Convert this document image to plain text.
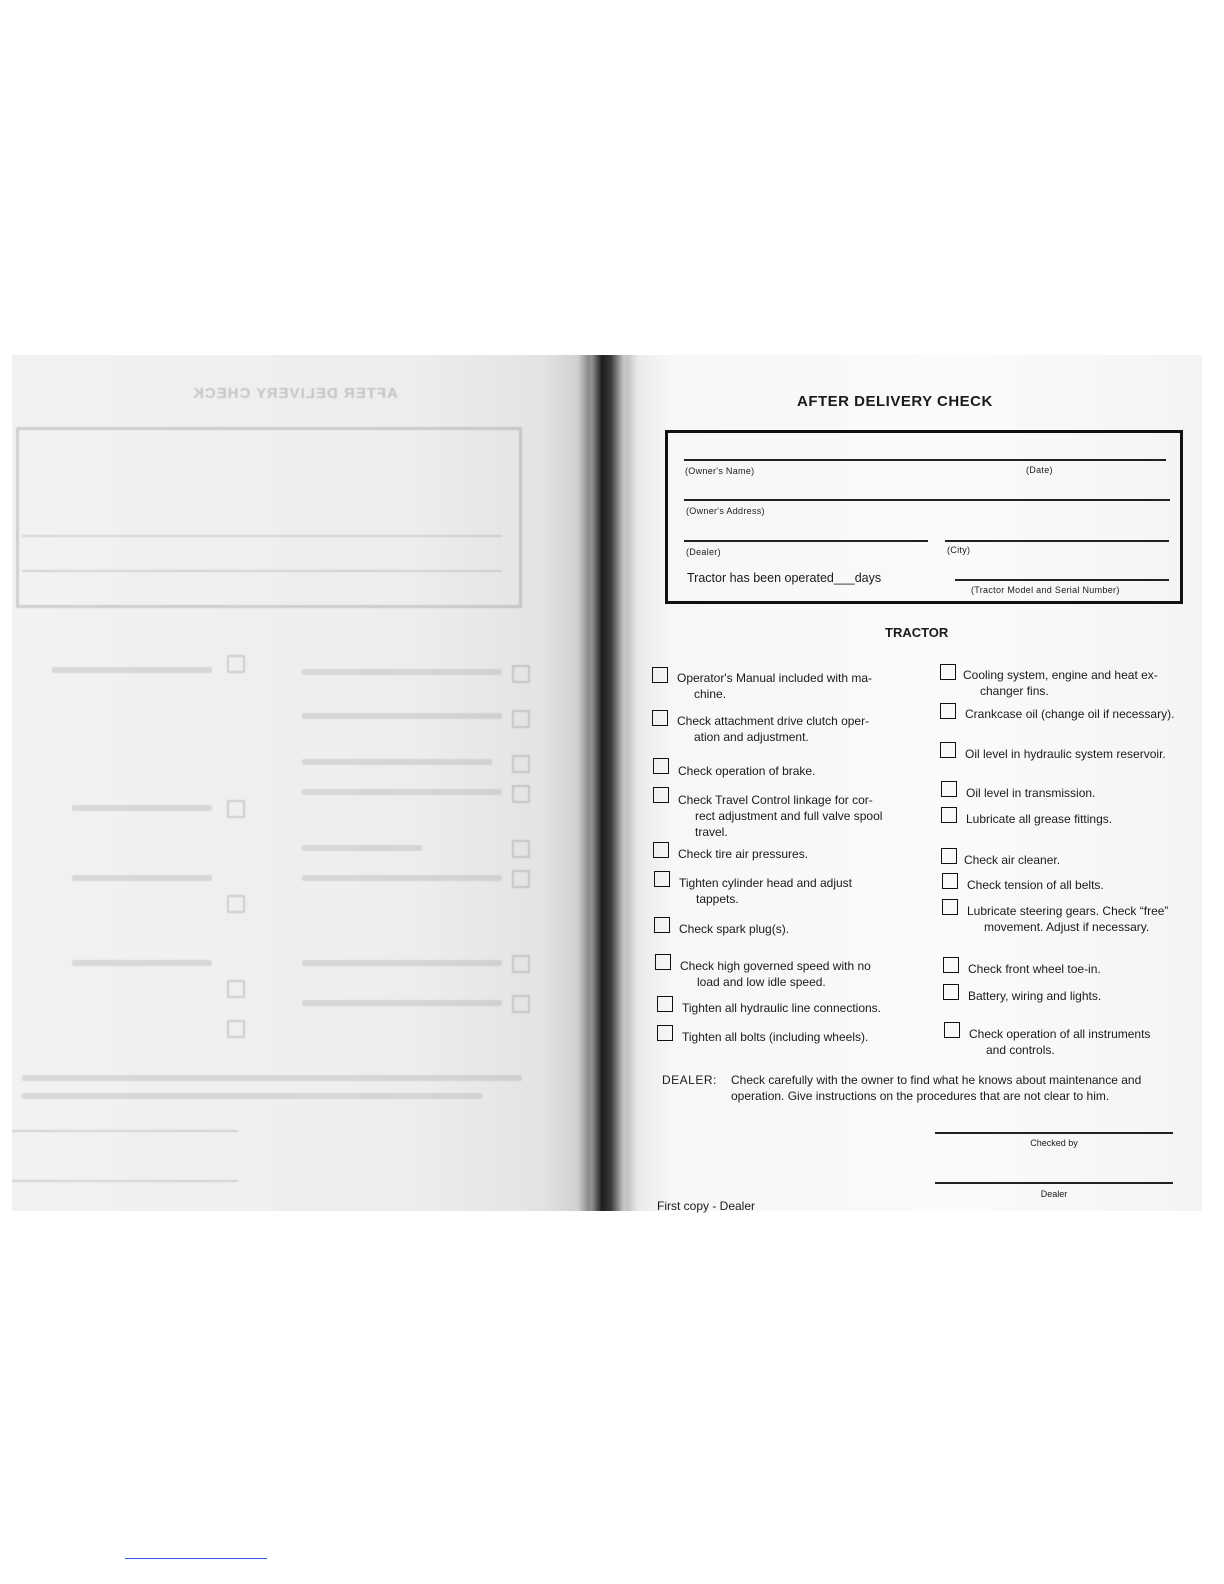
AFTER DELIVERY CHECK	AFTER DELIVERY CHECK
(Owner's Name)	(Date)
(Owner's Address)
(Dealer)	(City)
Tractor has been operated___days
(Tractor Model and Serial Number)
TRACTOR
Operator's Manual included with ma-
chine.
Check attachment drive clutch oper-
ation and adjustment.
Check operation of brake.
Check Travel Control linkage for cor-
rect adjustment and full valve spool
travel.
Check tire air pressures.
Tighten cylinder head and adjust
tappets.
Check spark plug(s).
Check high governed speed with no
load and low idle speed.
Tighten all hydraulic line connections.
Tighten all bolts (including wheels).
Cooling system, engine and heat ex-
changer fins.
Crankcase oil (change oil if necessary).
Oil level in hydraulic system reservoir.
Oil level in transmission.
Lubricate all grease fittings.
Check air cleaner.
Check tension of all belts.
Lubricate steering gears. Check “free”
movement. Adjust if necessary.
Check front wheel toe-in.
Battery, wiring and lights.
Check operation of all instruments
and controls.
DEALER: Check carefully with the owner to find what he knows about maintenance and operation. Give instructions on the procedures that are not clear to him.
Checked by
Dealer
First copy - Dealer
